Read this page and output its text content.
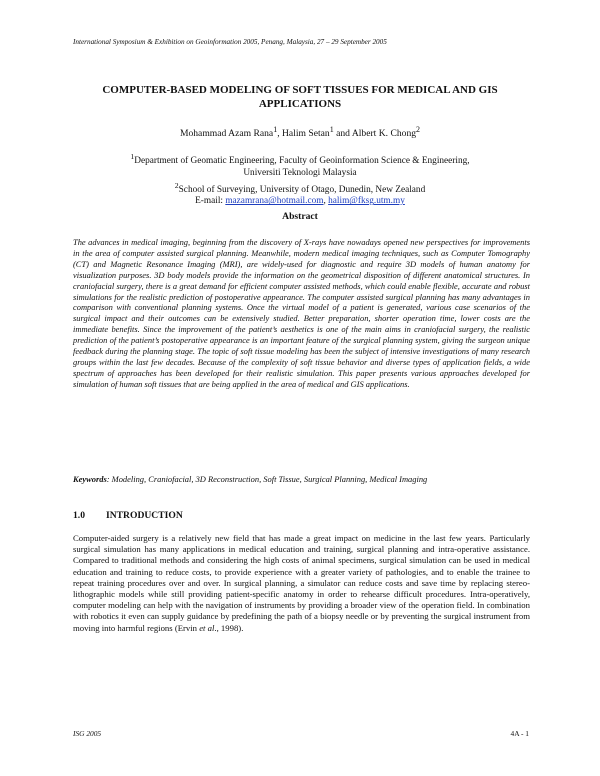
International Symposium & Exhibition on Geoinformation 2005, Penang, Malaysia, 27 – 29 September 2005
COMPUTER-BASED MODELING OF SOFT TISSUES FOR MEDICAL AND GIS
APPLICATIONS
Mohammad Azam Rana$^1$, Halim Setan$^1$ and Albert K. Chong$^2$
$^1$Department of Geomatic Engineering, Faculty of Geoinformation Science & Engineering,
Universiti Teknologi Malaysia
$^2$School of Surveying, University of Otago, Dunedin, New Zealand
E-mail: mazamrana@hotmail.com, halim@fksg.utm.my
Abstract

The advances in medical imaging, beginning from the discovery of X-rays have nowadays opened new perspectives for improvements in the area of computer assisted surgical planning. Meanwhile, modern medical imaging techniques, such as Computer Tomography (CT) and Magnetic Resonance Imaging (MRI), are widely-used for diagnostic and require 3D models of human anatomy for visualization purposes. 3D body models provide the information on the geometrical disposition of different anatomical structures. In craniofacial surgery, there is a great demand for efficient computer assisted methods, which could enable flexible, accurate and robust simulations for the realistic prediction of postoperative appearance. The computer assisted surgical planning has many advantages in comparison with conventional planning systems. Once the virtual model of a patient is generated, various case scenarios of the surgical impact and their outcomes can be extensively studied. Better preparation, shorter operation time, lower costs are the immediate benefits. Since the improvement of the patient’s aesthetics is one of the main aims in craniofacial surgery, the realistic prediction of the patient’s postoperative appearance is an important feature of the surgical planning system, giving the surgeon unique feedback during the planning stage. The topic of soft tissue modeling has been the subject of intensive investigations of many research groups within the last few decades. Because of the complexity of soft tissue behavior and diverse types of application fields, a wide spectrum of approaches has been developed for their realistic simulation. This paper presents various approaches developed for simulation of human soft tissues that are being applied in the area of medical and GIS applications.

Keywords: Modeling, Craniofacial, 3D Reconstruction, Soft Tissue, Surgical Planning, Medical Imaging
1.0 INTRODUCTION

Computer-aided surgery is a relatively new field that has made a great impact on medicine in the last few years. Particularly surgical simulation has many applications in medical education and training, surgical planning and intra-operative assistance. Compared to traditional methods and considering the high costs of animal specimens, surgical simulation can be used in medical education and training to reduce costs, to provide experience with a greater variety of pathologies, and to enable the trainee to repeat training procedures over and over. In surgical planning, a simulator can reduce costs and save time by replacing stereo-lithographic models while still providing patient-specific anatomy in order to rehearse difficult procedures. Intra-operatively, computer modeling can help with the navigation of instruments by providing a broader view of the operation field. In combination with robotics it even can supply guidance by predefining the path of a biopsy needle or by preventing the surgical instrument from moving into harmful regions (Ervin et al., 1998).

ISG 2005	4A - 1
